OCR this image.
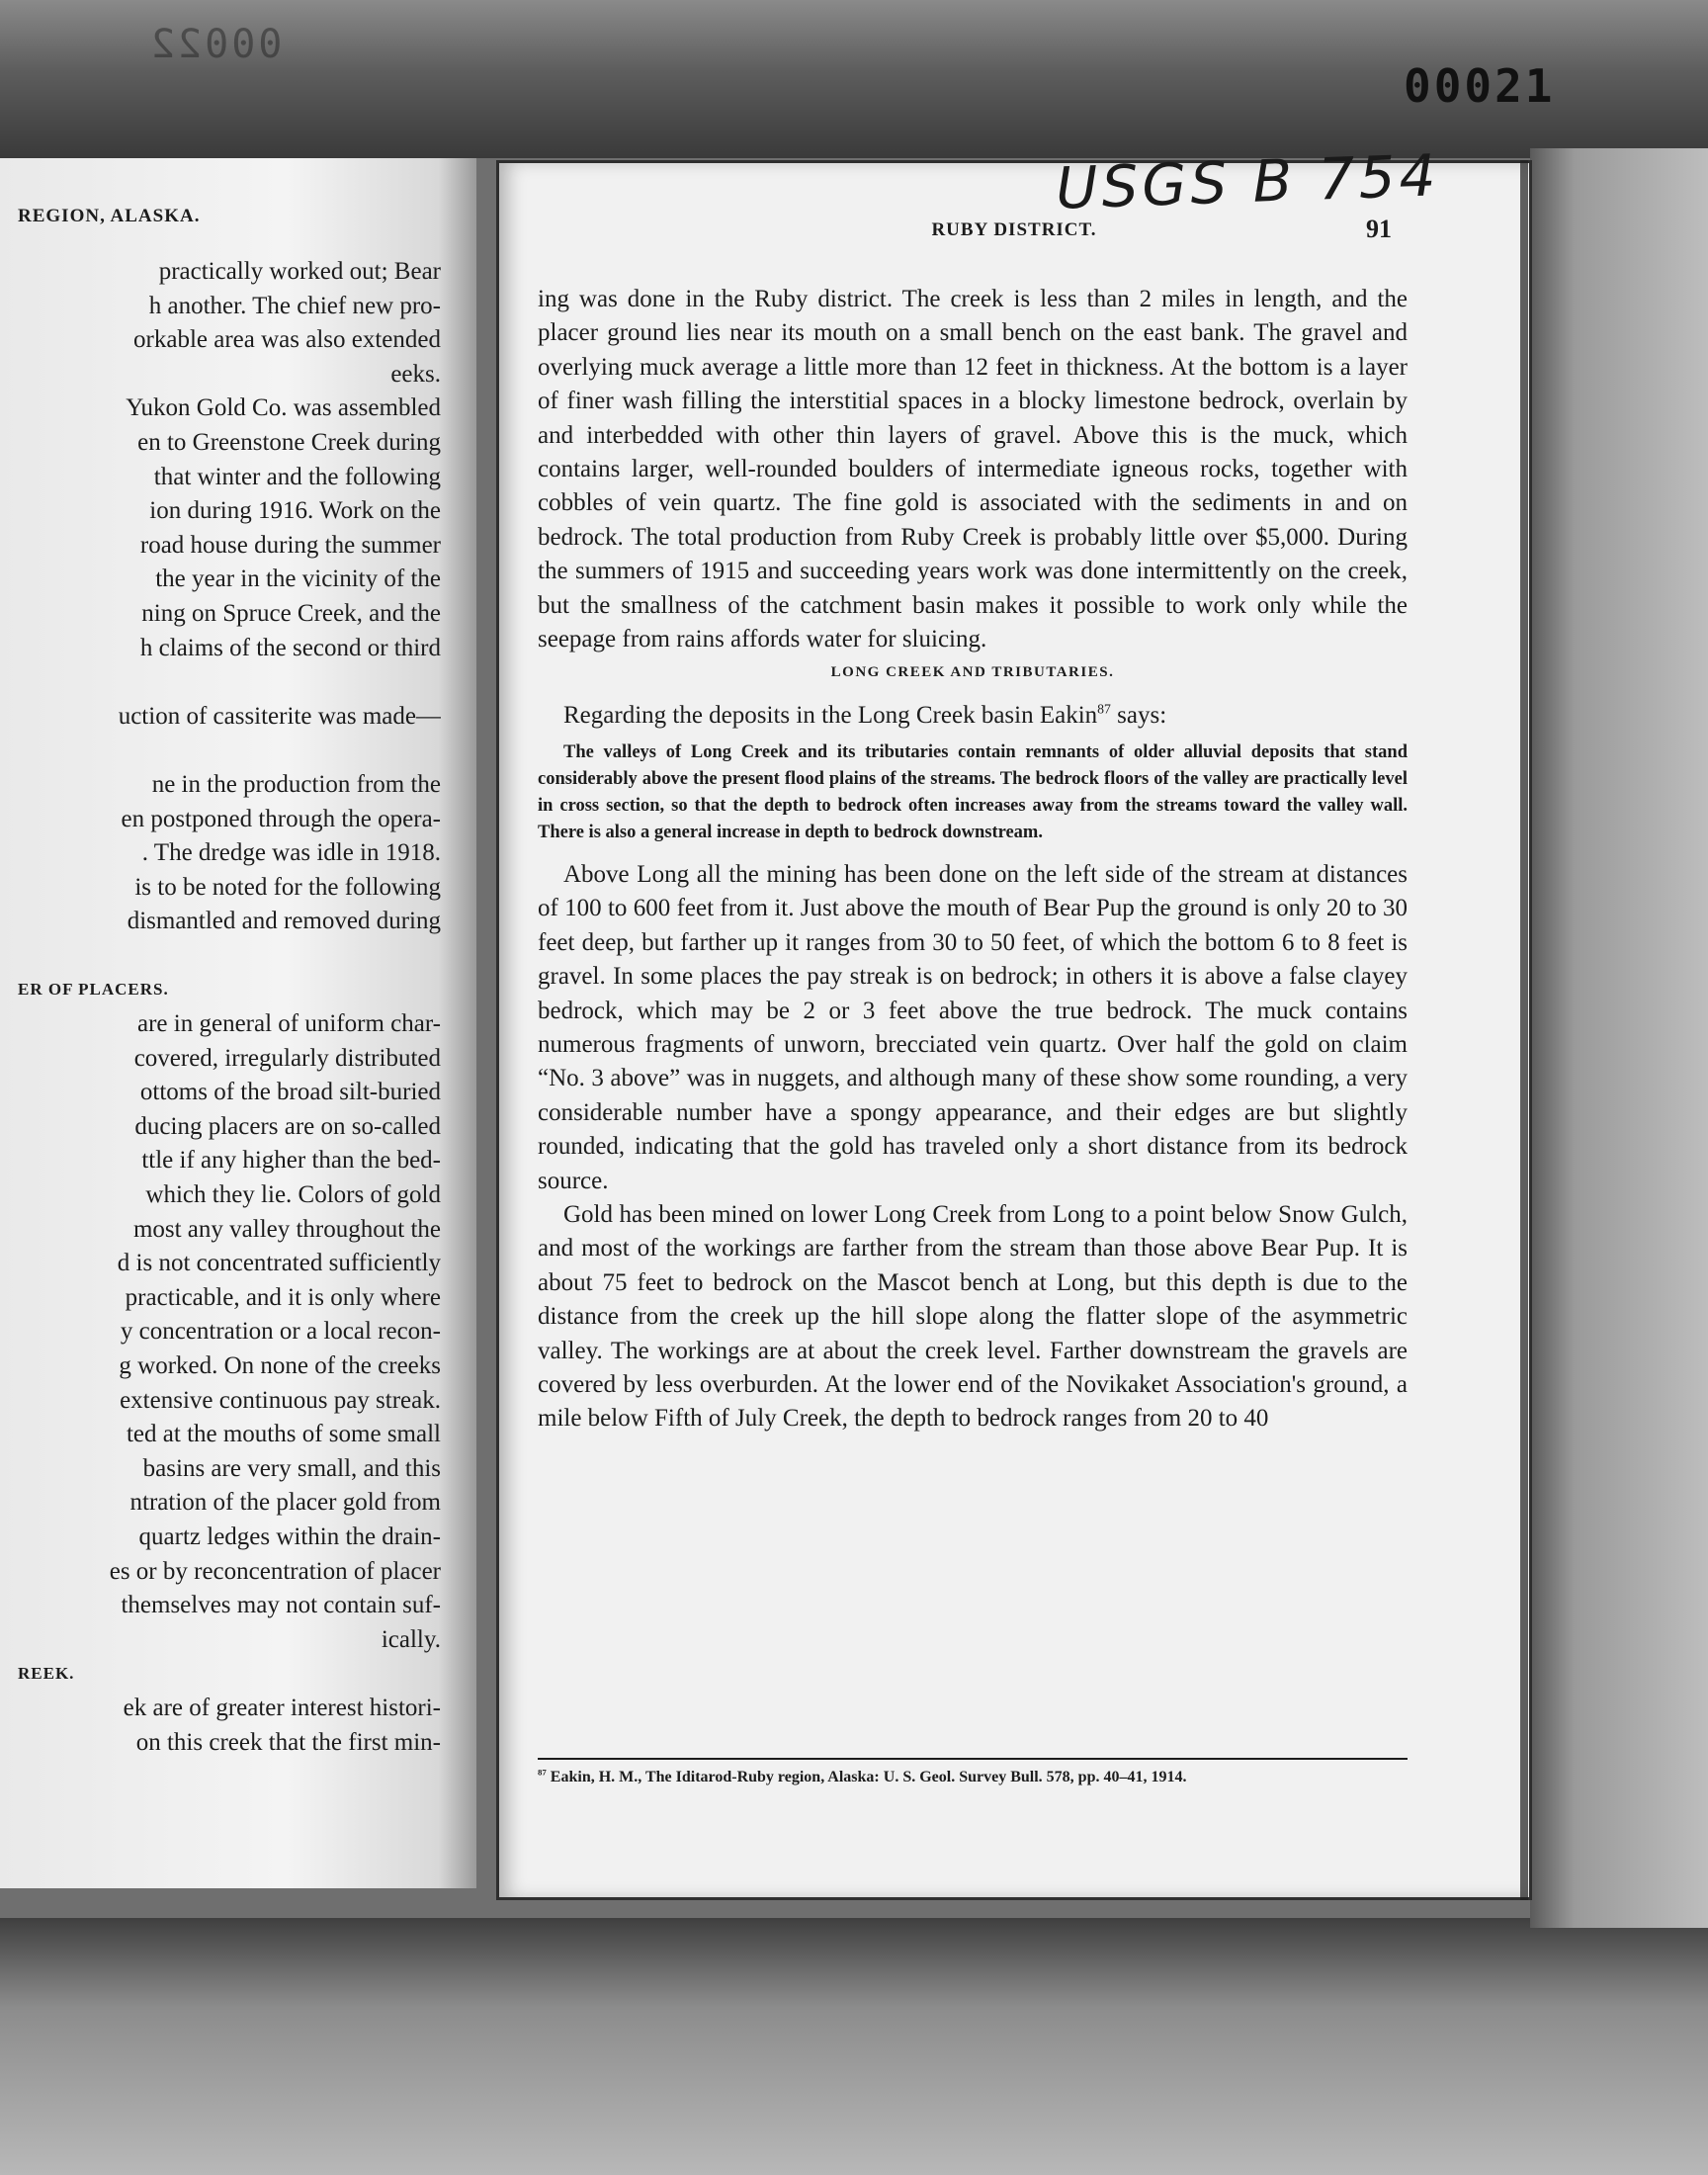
00022
00021
REGION, ALASKA.
practically worked out; Bear
h another. The chief new pro-
orkable area was also extended
eeks.
Yukon Gold Co. was assembled
en to Greenstone Creek during
that winter and the following
ion during 1916. Work on the
road house during the summer
the year in the vicinity of the
ning on Spruce Creek, and the
h claims of the second or third
uction of cassiterite was made—
ne in the production from the
en postponed through the opera-
. The dredge was idle in 1918.
is to be noted for the following
dismantled and removed during
ER OF PLACERS.
are in general of uniform char-
covered, irregularly distributed
ottoms of the broad silt-buried
ducing placers are on so-called
ttle if any higher than the bed-
which they lie. Colors of gold
most any valley throughout the
d is not concentrated sufficiently
practicable, and it is only where
y concentration or a local recon-
g worked. On none of the creeks
extensive continuous pay streak.
ted at the mouths of some small
basins are very small, and this
ntration of the placer gold from
quartz ledges within the drain-
es or by reconcentration of placer
themselves may not contain suf-
ically.
REEK.
ek are of greater interest histori-
on this creek that the first min-
RUBY DISTRICT.	91

ing was done in the Ruby district. The creek is less than 2 miles in length, and the placer ground lies near its mouth on a small bench on the east bank. The gravel and overlying muck average a little more than 12 feet in thickness. At the bottom is a layer of finer wash filling the interstitial spaces in a blocky limestone bedrock, overlain by and interbedded with other thin layers of gravel. Above this is the muck, which contains larger, well-rounded boulders of intermediate igneous rocks, together with cobbles of vein quartz. The fine gold is associated with the sediments in and on bedrock. The total production from Ruby Creek is probably little over $5,000. During the summers of 1915 and succeeding years work was done intermittently on the creek, but the smallness of the catchment basin makes it possible to work only while the seepage from rains affords water for sluicing.

LONG CREEK AND TRIBUTARIES.

Regarding the deposits in the Long Creek basin Eakin$^{87}$ says:

The valleys of Long Creek and its tributaries contain remnants of older alluvial deposits that stand considerably above the present flood plains of the streams. The bedrock floors of the valley are practically level in cross section, so that the depth to bedrock often increases away from the streams toward the valley wall. There is also a general increase in depth to bedrock downstream.

Above Long all the mining has been done on the left side of the stream at distances of 100 to 600 feet from it. Just above the mouth of Bear Pup the ground is only 20 to 30 feet deep, but farther up it ranges from 30 to 50 feet, of which the bottom 6 to 8 feet is gravel. In some places the pay streak is on bedrock; in others it is above a false clayey bedrock, which may be 2 or 3 feet above the true bedrock. The muck contains numerous fragments of unworn, brecciated vein quartz. Over half the gold on claim “No. 3 above” was in nuggets, and although many of these show some rounding, a very considerable number have a spongy appearance, and their edges are but slightly rounded, indicating that the gold has traveled only a short distance from its bedrock source.

Gold has been mined on lower Long Creek from Long to a point below Snow Gulch, and most of the workings are farther from the stream than those above Bear Pup. It is about 75 feet to bedrock on the Mascot bench at Long, but this depth is due to the distance from the creek up the hill slope along the flatter slope of the asymmetric valley. The workings are at about the creek level. Farther downstream the gravels are covered by less overburden. At the lower end of the Novikaket Association's ground, a mile below Fifth of July Creek, the depth to bedrock ranges from 20 to 40

$^{87}$ Eakin, H. M., The Iditarod-Ruby region, Alaska: U. S. Geol. Survey Bull. 578, pp. 40–41, 1914.
USGS B 754
